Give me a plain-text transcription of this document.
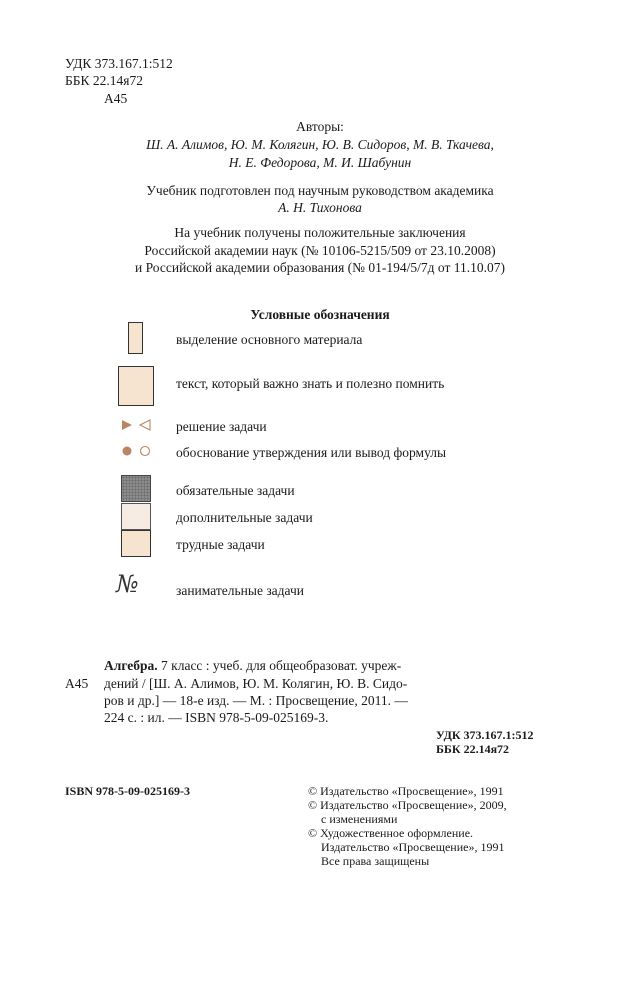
УДК 373.167.1:512
ББК 22.14я72
А45
Авторы:
Ш. А. Алимов, Ю. М. Колягин, Ю. В. Сидоров, М. В. Ткачева,
Н. Е. Федорова, М. И. Шабунин
Учебник подготовлен под научным руководством академика
А. Н. Тихонова
На учебник получены положительные заключения
Российской академии наук (№ 10106-5215/509 от 23.10.2008)
и Российской академии образования (№ 01-194/5/7д от 11.10.07)
Условные обозначения
выделение основного материала
текст, который важно знать и полезно помнить
решение задачи
обоснование утверждения или вывод формулы
обязательные задачи
дополнительные задачи
трудные задачи
№	занимательные задачи
А45
Алгебра. 7 класс : учеб. для общеобразоват. учреж-
дений / [Ш. А. Алимов, Ю. М. Колягин, Ю. В. Сидо-
ров и др.] — 18-е изд. — М. : Просвещение, 2011. —
224 с. : ил. — ISBN 978-5-09-025169-3.
УДК 373.167.1:512
ББК 22.14я72
ISBN 978-5-09-025169-3	© Издательство «Просвещение», 1991
© Издательство «Просвещение», 2009,
с изменениями
© Художественное оформление.
Издательство «Просвещение», 1991
Все права защищены
